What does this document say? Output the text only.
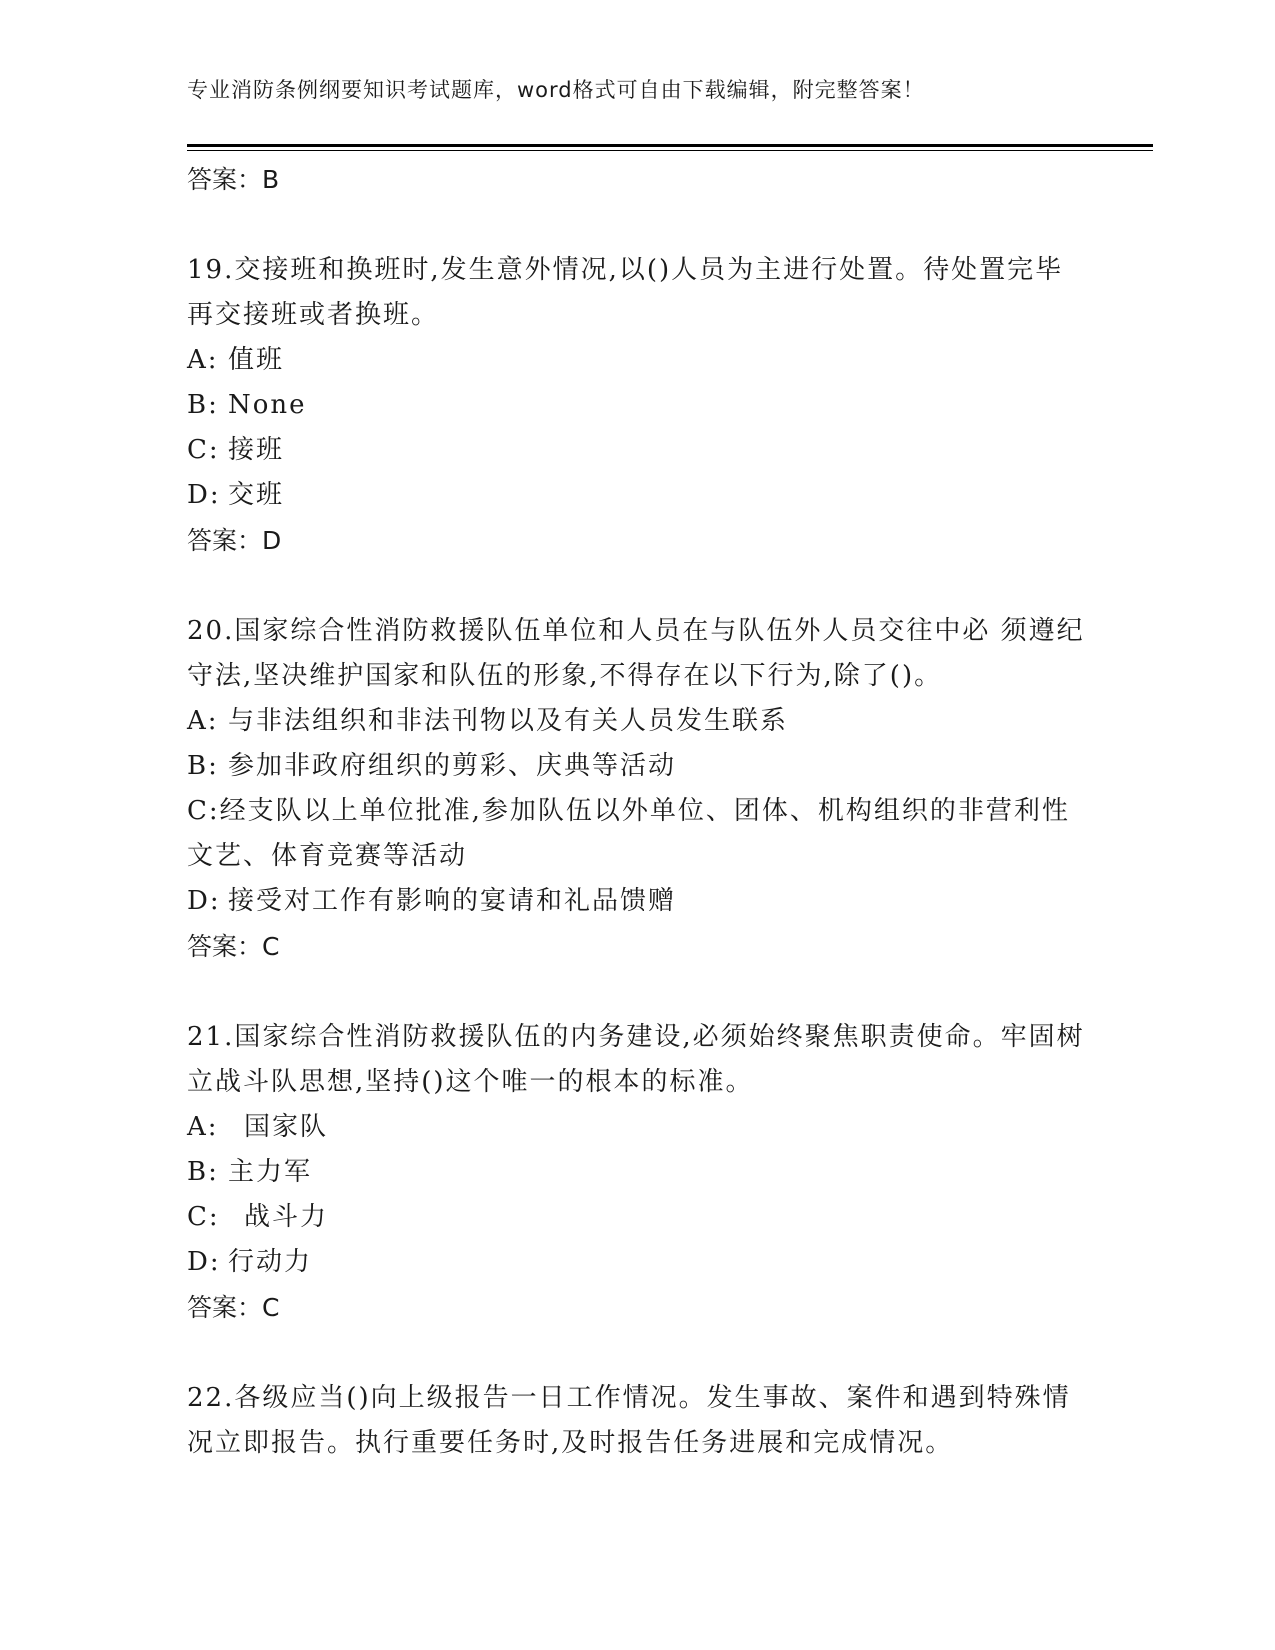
专业消防条例纲要知识考试题库，word格式可自由下载编辑，附完整答案！
答案：B
19.交接班和换班时,发生意外情况,以()人员为主进行处置。待处置完毕再交接班或者换班。
A: 值班
B: None
C: 接班
D: 交班
答案：D
20.国家综合性消防救援队伍单位和人员在与队伍外人员交往中必 须遵纪守法,坚决维护国家和队伍的形象,不得存在以下行为,除了()。
A: 与非法组织和非法刊物以及有关人员发生联系
B: 参加非政府组织的剪彩、庆典等活动
C:经支队以上单位批准,参加队伍以外单位、团体、机构组织的非营利性文艺、体育竞赛等活动
D: 接受对工作有影响的宴请和礼品馈赠
答案：C
21.国家综合性消防救援队伍的内务建设,必须始终聚焦职责使命。牢固树立战斗队思想,坚持()这个唯一的根本的标准。
A: 国家队
B: 主力军
C: 战斗力
D: 行动力
答案：C
22.各级应当()向上级报告一日工作情况。发生事故、案件和遇到特殊情况立即报告。执行重要任务时,及时报告任务进展和完成情况。
